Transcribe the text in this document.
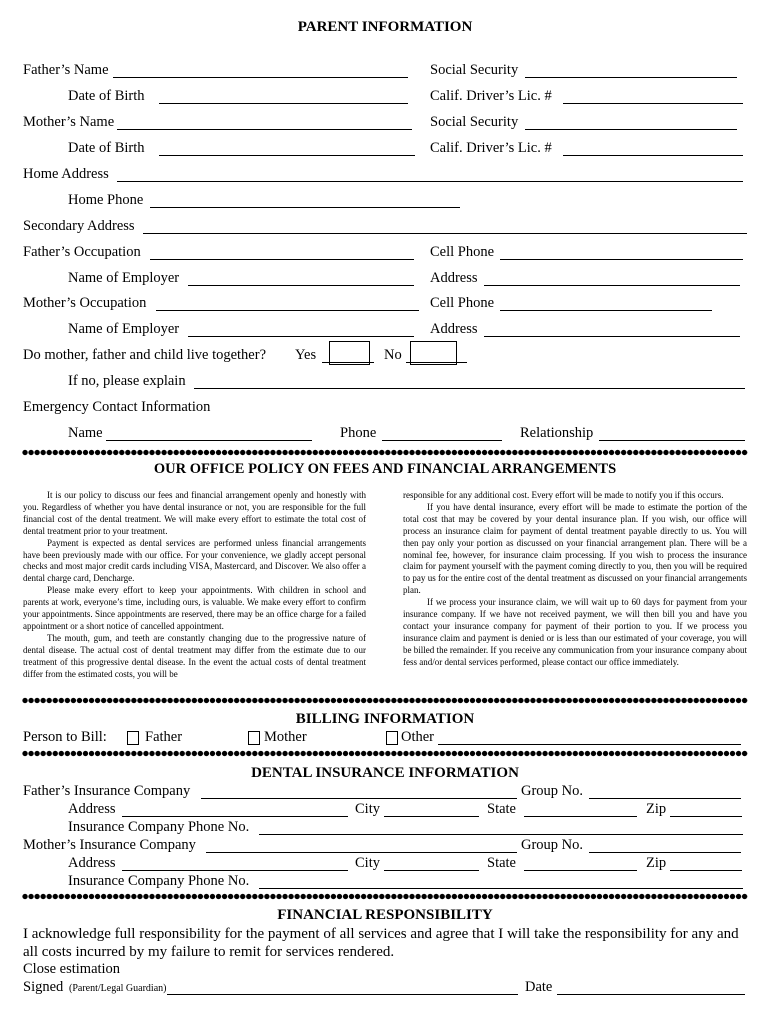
PARENT INFORMATION
Father’s Name	Social Security
Date of Birth	Calif. Driver’s Lic. #
Mother’s Name	Social Security
Date of Birth	Calif. Driver’s Lic. #
Home Address
Home Phone
Secondary Address
Father’s Occupation	Cell Phone
Name of Employer	Address
Mother’s Occupation	Cell Phone
Name of Employer	Address
Do mother, father and child live together? Yes	No
If no, please explain
Emergency Contact Information
Name	Phone	Relationship
OUR OFFICE POLICY ON FEES AND FINANCIAL ARRANGEMENTS

It is our policy to discuss our fees and financial arrangement openly and honestly with you. Regardless of whether you have dental insurance or not, you are responsible for the full financial cost of the dental treatment. We will make every effort to estimate the total cost of dental treatment prior to your treatment.

Payment is expected as dental services are performed unless financial arrangements have been previously made with our office. For your convenience, we gladly accept personal checks and most major credit cards including VISA, Mastercard, and Discover. We also offer a dental charge card, Dencharge.

Please make every effort to keep your appointments. With children in school and parents at work, everyone’s time, including ours, is valuable. We make every effort to confirm your appointments. Since appointments are reserved, there may be an office charge for a failed appointment or a short notice of cancelled appointment.

The mouth, gum, and teeth are constantly changing due to the progressive nature of dental disease. The actual cost of dental treatment may differ from the estimate due to our treatment of this progressive dental disease. In the event the actual costs of dental treatment differ from the estimated costs, you will be

responsible for any additional cost. Every effort will be made to notify you if this occurs.

If you have dental insurance, every effort will be made to estimate the portion of the total cost that may be covered by your dental insurance plan. If you wish, our office will process an insurance claim for payment of dental treatment payable directly to us. You will then pay only your portion as discussed on your financial arrangement plan. There will be a nominal fee, however, for insurance claim processing. If you wish to process the insurance claim for payment yourself with the payment coming directly to you, then you will be required to pay us for the entire cost of the dental treatment as discussed on your financial arrangements plan.

If we process your insurance claim, we will wait up to 60 days for payment from your insurance company. If we have not received payment, we will then bill you and have you contact your insurance company for payment of their portion to you. If we process you insurance claim and payment is denied or is less than our estimated of your coverage, you will be billed the remainder. If you receive any communication from your insurance company about fess and/or dental services performed, please contact our office immediately.

BILLING INFORMATION
Person to Bill:	Father	Mother	Other
DENTAL INSURANCE INFORMATION
Father’s Insurance Company	Group No.
Address	City	State	Zip
Insurance Company Phone No.
Mother’s Insurance Company	Group No.
Address	City	State	Zip
Insurance Company Phone No.
FINANCIAL RESPONSIBILITY
I acknowledge full responsibility for the payment of all services and agree that I will take the responsibility for any and all costs incurred by my failure to remit for services rendered.
Close estimation
Signed (Parent/Legal Guardian)	Date
